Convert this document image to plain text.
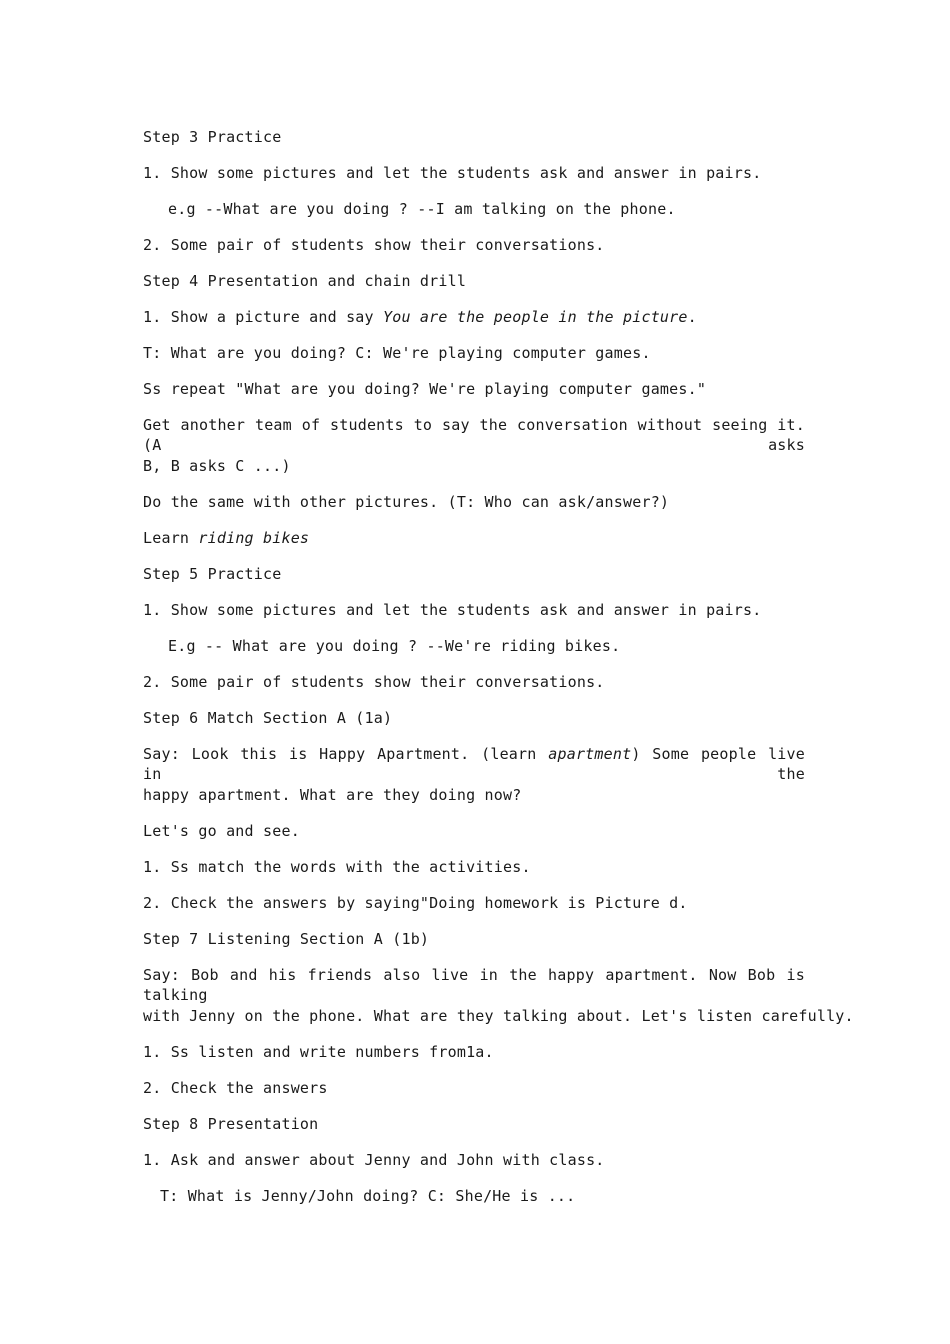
Step 3 Practice
1. Show some pictures and let the students ask and answer in pairs.
e.g --What are you doing ? --I am talking on the phone.
2. Some pair of students show their conversations.
Step 4 Presentation and chain drill
1. Show a picture and say You are the people in the picture.
T: What are you doing? C: We're playing computer games.
Ss repeat "What are you doing? We're playing computer games."
Get another team of students to say the conversation without seeing it.(A asks
B, B asks C ...)
Do the same with other pictures. (T: Who can ask/answer?)
Learn riding bikes
Step 5 Practice
1. Show some pictures and let the students ask and answer in pairs.
E.g -- What are you doing ? --We're riding bikes.
2. Some pair of students show their conversations.
Step 6 Match Section A (1a)
Say: Look this is Happy Apartment. (learn apartment) Some people live in the
happy apartment. What are they doing now?
Let's go and see.
1. Ss match the words with the activities.
2. Check the answers by saying"Doing homework is Picture d.
Step 7 Listening Section A (1b)
Say: Bob and his friends also live in the happy apartment. Now Bob is talking
with Jenny on the phone. What are they talking about. Let's listen carefully.
1. Ss listen and write numbers from1a.
2. Check the answers
Step 8 Presentation
1. Ask and answer about Jenny and John with class.
T: What is Jenny/John doing? C: She/He is ...
